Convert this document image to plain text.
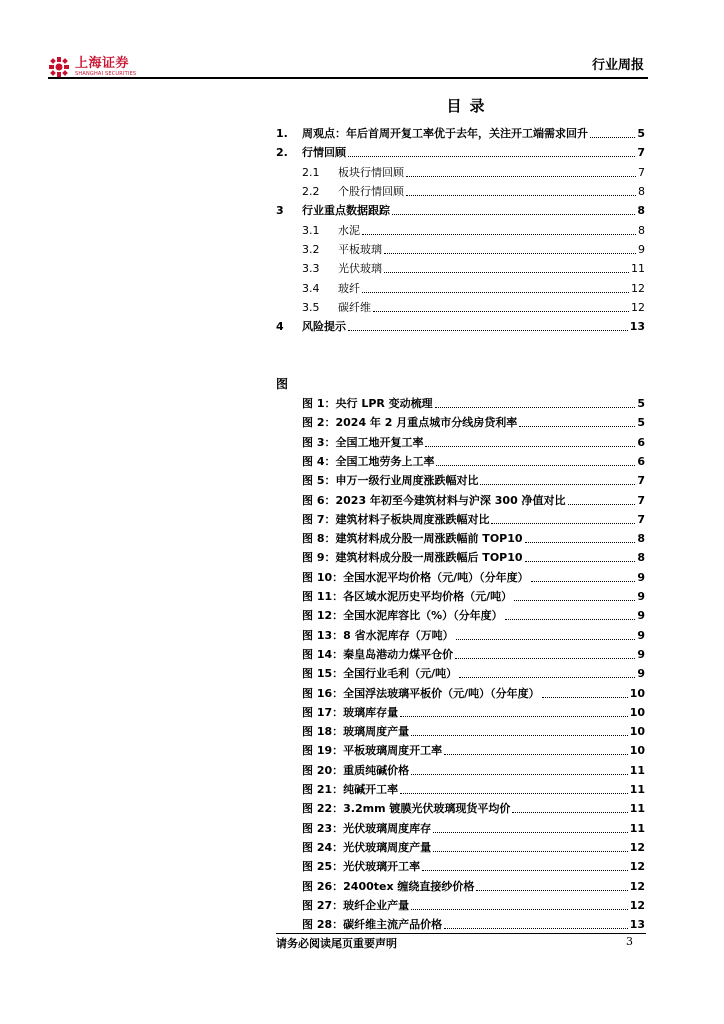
上海证券
SHANGHAI SECURITIES
行业周报
目录
1.	周观点：年后首周开复工率优于去年，关注开工端需求回升	5
2.	行情回顾	7
2.1	板块行情回顾	7
2.2	个股行情回顾	8
3	行业重点数据跟踪	8
3.1	水泥	8
3.2	平板玻璃	9
3.3	光伏玻璃	11
3.4	玻纤	12
3.5	碳纤维	12
4	风险提示	13
图
图 1：央行 LPR 变动梳理	5
图 2：2024 年 2 月重点城市分线房贷利率	5
图 3：全国工地开复工率	6
图 4：全国工地劳务上工率	6
图 5：申万一级行业周度涨跌幅对比	7
图 6：2023 年初至今建筑材料与沪深 300 净值对比	7
图 7：建筑材料子板块周度涨跌幅对比	7
图 8：建筑材料成分股一周涨跌幅前 TOP10	8
图 9：建筑材料成分股一周涨跌幅后 TOP10	8
图 10：全国水泥平均价格（元/吨）（分年度）	9
图 11：各区域水泥历史平均价格（元/吨）	9
图 12：全国水泥库容比（%）（分年度）	9
图 13：8 省水泥库存（万吨）	9
图 14：秦皇岛港动力煤平仓价	9
图 15：全国行业毛利（元/吨）	9
图 16：全国浮法玻璃平板价（元/吨）（分年度）	10
图 17：玻璃库存量	10
图 18：玻璃周度产量	10
图 19：平板玻璃周度开工率	10
图 20：重质纯碱价格	11
图 21：纯碱开工率	11
图 22：3.2mm 镀膜光伏玻璃现货平均价	11
图 23：光伏玻璃周度库存	11
图 24：光伏玻璃周度产量	12
图 25：光伏玻璃开工率	12
图 26：2400tex 缠绕直接纱价格	12
图 27：玻纤企业产量	12
图 28：碳纤维主流产品价格	13
请务必阅读尾页重要声明	3
